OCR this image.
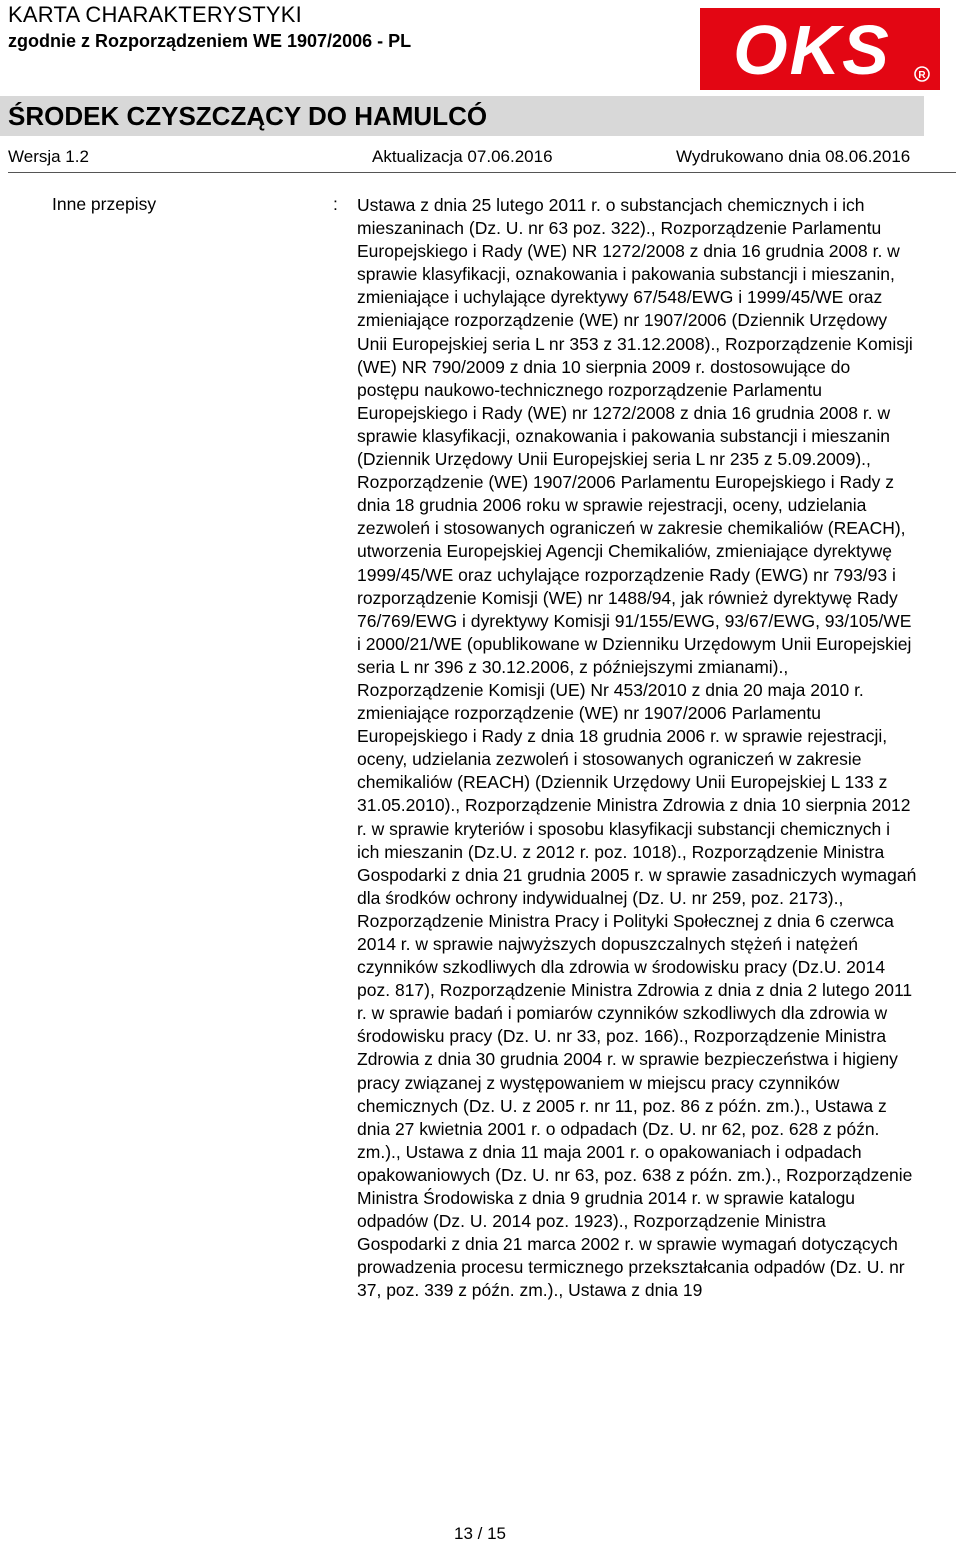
KARTA CHARAKTERYSTYKI
zgodnie z Rozporządzeniem WE 1907/2006 - PL	OKS	R
ŚRODEK CZYSZCZĄCY DO HAMULCÓ
Wersja 1.2	Aktualizacja 07.06.2016	Wydrukowano dnia 08.06.2016
Inne przepisy	: Ustawa z dnia 25 lutego 2011 r. o substancjach chemicznych i ich mieszaninach (Dz. U. nr 63 poz. 322)., Rozporządzenie Parlamentu Europejskiego i Rady (WE) NR 1272/2008 z dnia 16 grudnia 2008 r. w sprawie klasyfikacji, oznakowania i pakowania substancji i mieszanin, zmieniające i uchylające dyrektywy 67/548/EWG i 1999/45/WE oraz zmieniające rozporządzenie (WE) nr 1907/2006 (Dziennik Urzędowy Unii Europejskiej seria L nr 353 z 31.12.2008)., Rozporządzenie Komisji (WE) NR 790/2009 z dnia 10 sierpnia 2009 r. dostosowujące do postępu naukowo-technicznego rozporządzenie Parlamentu Europejskiego i Rady (WE) nr 1272/2008 z dnia 16 grudnia 2008 r. w sprawie klasyfikacji, oznakowania i pakowania substancji i mieszanin (Dziennik Urzędowy Unii Europejskiej seria L nr 235 z 5.09.2009)., Rozporządzenie (WE) 1907/2006 Parlamentu Europejskiego i Rady z dnia 18 grudnia 2006 roku w sprawie rejestracji, oceny, udzielania zezwoleń i stosowanych ograniczeń w zakresie chemikaliów (REACH), utworzenia Europejskiej Agencji Chemikaliów, zmieniające dyrektywę 1999/45/WE oraz uchylające rozporządzenie Rady (EWG) nr 793/93 i rozporządzenie Komisji (WE) nr 1488/94, jak również dyrektywę Rady 76/769/EWG i dyrektywy Komisji 91/155/EWG, 93/67/EWG, 93/105/WE i 2000/21/WE (opublikowane w Dzienniku Urzędowym Unii Europejskiej seria L nr 396 z 30.12.2006, z późniejszymi zmianami)., Rozporządzenie Komisji (UE) Nr 453/2010 z dnia 20 maja 2010 r. zmieniające rozporządzenie (WE) nr 1907/2006 Parlamentu Europejskiego i Rady z dnia 18 grudnia 2006 r. w sprawie rejestracji, oceny, udzielania zezwoleń i stosowanych ograniczeń w zakresie chemikaliów (REACH) (Dziennik Urzędowy Unii Europejskiej L 133 z 31.05.2010)., Rozporządzenie Ministra Zdrowia z dnia 10 sierpnia 2012 r. w sprawie kryteriów i sposobu klasyfikacji substancji chemicznych i ich mieszanin (Dz.U. z 2012 r. poz. 1018)., Rozporządzenie Ministra Gospodarki z dnia 21 grudnia 2005 r. w sprawie zasadniczych wymagań dla środków ochrony indywidualnej (Dz. U. nr 259, poz. 2173)., Rozporządzenie Ministra Pracy i Polityki Społecznej z dnia 6 czerwca 2014 r. w sprawie najwyższych dopuszczalnych stężeń i natężeń czynników szkodliwych dla zdrowia w środowisku pracy (Dz.U. 2014 poz. 817), Rozporządzenie Ministra Zdrowia z dnia z dnia 2 lutego 2011 r. w sprawie badań i pomiarów czynników szkodliwych dla zdrowia w środowisku pracy (Dz. U. nr 33, poz. 166)., Rozporządzenie Ministra Zdrowia z dnia 30 grudnia 2004 r. w sprawie bezpieczeństwa i higieny pracy związanej z występowaniem w miejscu pracy czynników chemicznych (Dz. U. z 2005 r. nr 11, poz. 86 z późn. zm.)., Ustawa z dnia 27 kwietnia 2001 r. o odpadach (Dz. U. nr 62, poz. 628 z późn. zm.)., Ustawa z dnia 11 maja 2001 r. o opakowaniach i odpadach opakowaniowych (Dz. U. nr 63, poz. 638 z późn. zm.)., Rozporządzenie Ministra Środowiska z dnia 9 grudnia 2014 r. w sprawie katalogu odpadów (Dz. U. 2014 poz. 1923)., Rozporządzenie Ministra Gospodarki z dnia 21 marca 2002 r. w sprawie wymagań dotyczących prowadzenia procesu termicznego przekształcania odpadów (Dz. U. nr 37, poz. 339 z późn. zm.)., Ustawa z dnia 19
13 / 15
